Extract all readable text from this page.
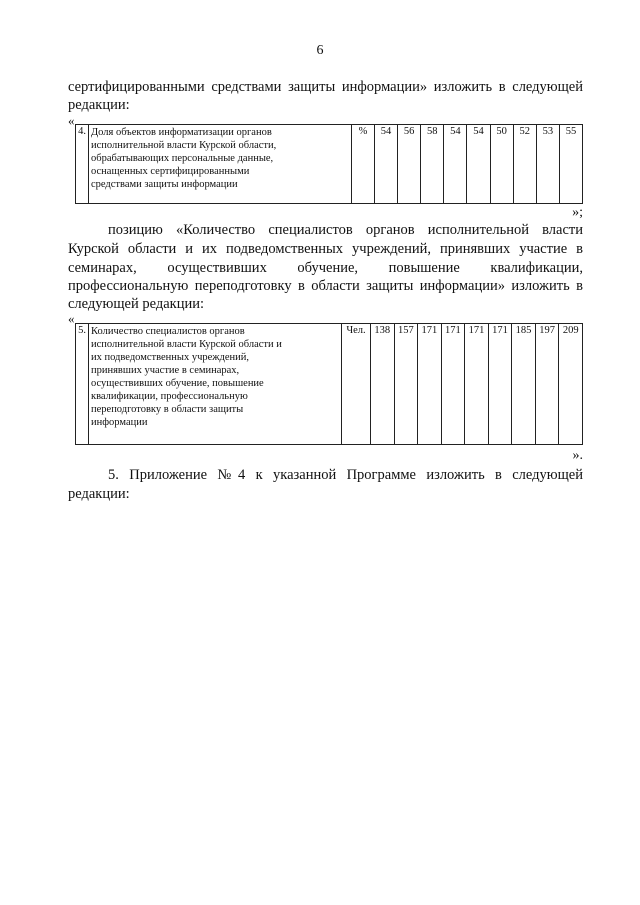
6
сертифицированными средствами защиты информации» изложить в следующей
редакции:
«
4.	Доля объектов информатизации органов
исполнительной власти Курской области,
обрабатывающих персональные данные,
оснащенных сертифицированными
средствами защиты информации
	%	54	56	58	54	54	50	52	53	55
»;
позицию «Количество специалистов органов исполнительной власти
Курской области и их подведомственных учреждений, принявших участие в
семинарах, осуществивших обучение, повышение квалификации,
профессиональную переподготовку в области защиты информации» изложить в
следующей редакции:
«
5.	Количество специалистов органов
исполнительной власти Курской области и
их подведомственных учреждений,
принявших участие в семинарах,
осуществивших обучение, повышение
квалификации, профессиональную
переподготовку в области защиты
информации
	Чел.	138	157	171	171	171	171	185	197	209
».
5. Приложение №4 к указанной Программе изложить в следующей
редакции:
